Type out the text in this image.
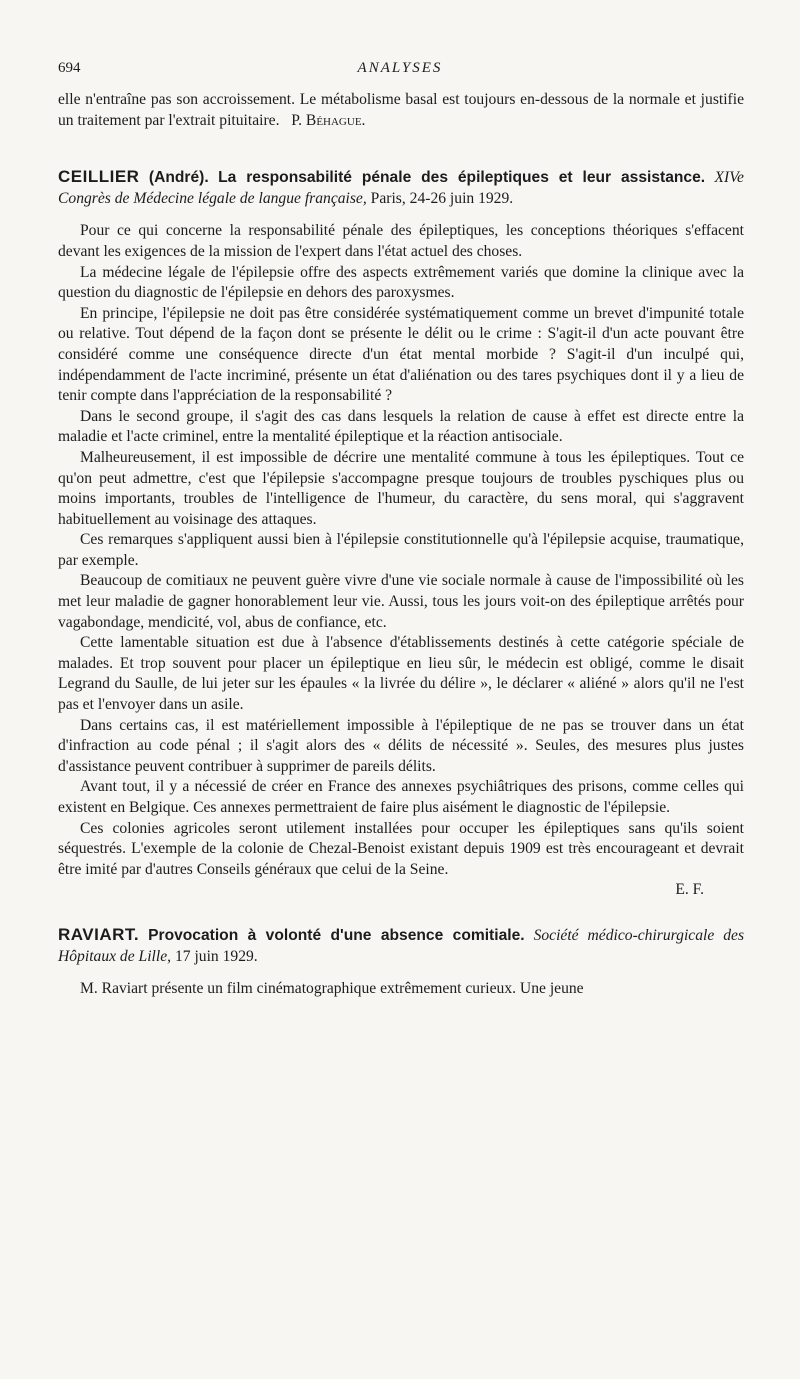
694	ANALYSES

elle n'entraîne pas son accroissement. Le métabolisme basal est toujours en-dessous de la normale et justifie un traitement par l'extrait pituitaire. P. Béhague.

CEILLIER (André). La responsabilité pénale des épileptiques et leur assistance. XIVe Congrès de Médecine légale de langue française, Paris, 24-26 juin 1929.

Pour ce qui concerne la responsabilité pénale des épileptiques, les conceptions théoriques s'effacent devant les exigences de la mission de l'expert dans l'état actuel des choses.

La médecine légale de l'épilepsie offre des aspects extrêmement variés que domine la clinique avec la question du diagnostic de l'épilepsie en dehors des paroxysmes.

En principe, l'épilepsie ne doit pas être considérée systématiquement comme un brevet d'impunité totale ou relative. Tout dépend de la façon dont se présente le délit ou le crime : S'agit-il d'un acte pouvant être considéré comme une conséquence directe d'un état mental morbide ? S'agit-il d'un inculpé qui, indépendamment de l'acte incriminé, présente un état d'aliénation ou des tares psychiques dont il y a lieu de tenir compte dans l'appréciation de la responsabilité ?

Dans le second groupe, il s'agit des cas dans lesquels la relation de cause à effet est directe entre la maladie et l'acte criminel, entre la mentalité épileptique et la réaction antisociale.

Malheureusement, il est impossible de décrire une mentalité commune à tous les épileptiques. Tout ce qu'on peut admettre, c'est que l'épilepsie s'accompagne presque toujours de troubles pyschiques plus ou moins importants, troubles de l'intelligence de l'humeur, du caractère, du sens moral, qui s'aggravent habituellement au voisinage des attaques.

Ces remarques s'appliquent aussi bien à l'épilepsie constitutionnelle qu'à l'épilepsie acquise, traumatique, par exemple.

Beaucoup de comitiaux ne peuvent guère vivre d'une vie sociale normale à cause de l'impossibilité où les met leur maladie de gagner honorablement leur vie. Aussi, tous les jours voit-on des épileptique arrêtés pour vagabondage, mendicité, vol, abus de confiance, etc.

Cette lamentable situation est due à l'absence d'établissements destinés à cette catégorie spéciale de malades. Et trop souvent pour placer un épileptique en lieu sûr, le médecin est obligé, comme le disait Legrand du Saulle, de lui jeter sur les épaules « la livrée du délire », le déclarer « aliéné » alors qu'il ne l'est pas et l'envoyer dans un asile.

Dans certains cas, il est matériellement impossible à l'épileptique de ne pas se trouver dans un état d'infraction au code pénal ; il s'agit alors des « délits de nécessité ». Seules, des mesures plus justes d'assistance peuvent contribuer à supprimer de pareils délits.

Avant tout, il y a nécessié de créer en France des annexes psychiâtriques des prisons, comme celles qui existent en Belgique. Ces annexes permettraient de faire plus aisément le diagnostic de l'épilepsie.

Ces colonies agricoles seront utilement installées pour occuper les épileptiques sans qu'ils soient séquestrés. L'exemple de la colonie de Chezal-Benoist existant depuis 1909 est très encourageant et devrait être imité par d'autres Conseils généraux que celui de la Seine.

E. F.

RAVIART. Provocation à volonté d'une absence comitiale. Société médico-chirurgicale des Hôpitaux de Lille, 17 juin 1929.

M. Raviart présente un film cinématographique extrêmement curieux. Une jeune
